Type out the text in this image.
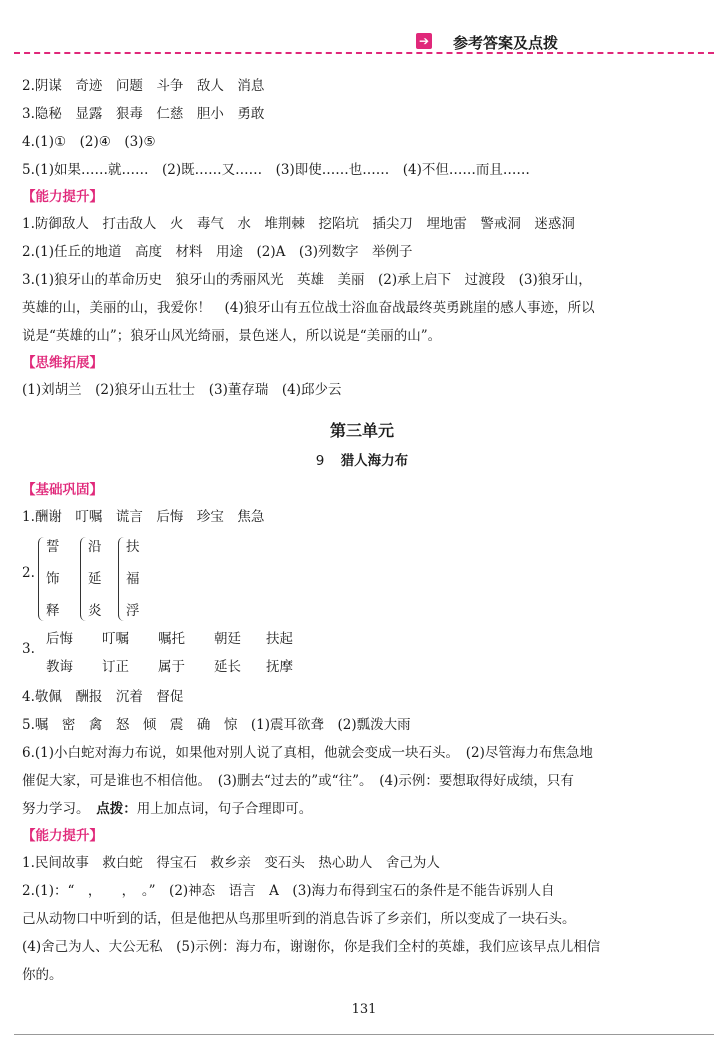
➔ 参考答案及点拨

2.阴谋　奇迹　问题　斗争　敌人　消息

3.隐秘　显露　狠毒　仁慈　胆小　勇敢

4.(1)①　(2)④　(3)⑤

5.(1)如果……就……　(2)既……又……　(3)即使……也……　(4)不但……而且……

【能力提升】

1.防御敌人　打击敌人　火　毒气　水　堆荆棘　挖陷坑　插尖刀　埋地雷　警戒洞　迷惑洞

2.(1)任丘的地道　高度　材料　用途　(2)A　(3)列数字　举例子

3.(1)狼牙山的革命历史　狼牙山的秀丽风光　英雄　美丽　(2)承上启下　过渡段　(3)狼牙山，

英雄的山，美丽的山，我爱你！　(4)狼牙山有五位战士浴血奋战最终英勇跳崖的感人事迹，所以

说是“英雄的山”；狼牙山风光绮丽，景色迷人，所以说是“美丽的山”。

【思维拓展】

(1)刘胡兰　(2)狼牙山五壮士　(3)董存瑞　(4)邱少云

第三单元
9 猎人海力布
【基础巩固】

1.酬谢　叮嘱　谎言　后悔　珍宝　焦急

2.
誓
饰
释
沿
延
炎
扶
福
浮
3.
后悔 叮嘱 嘱托 朝廷 扶起
教诲 订正 属于 延长 抚摩

4.敬佩　酬报　沉着　督促

5.嘱　密　禽　怒　倾　震　确　惊　(1)震耳欲聋　(2)瓢泼大雨

6.(1)小白蛇对海力布说，如果他对别人说了真相，他就会变成一块石头。　(2)尽管海力布焦急地

催促大家，可是谁也不相信他。　(3)删去“过去的”或“往”。　(4)示例：要想取得好成绩，只有

努力学习。　点拨：用上加点词，句子合理即可。

【能力提升】

1.民间故事　救白蛇　得宝石　救乡亲　变石头　热心助人　舍己为人

2.(1)：“　，　　，　。”　(2)神态　语言　A　(3)海力布得到宝石的条件是不能告诉别人自

己从动物口中听到的话，但是他把从鸟那里听到的消息告诉了乡亲们，所以变成了一块石头。

(4)舍己为人、大公无私　(5)示例：海力布，谢谢你，你是我们全村的英雄，我们应该早点儿相信

你的。

131
